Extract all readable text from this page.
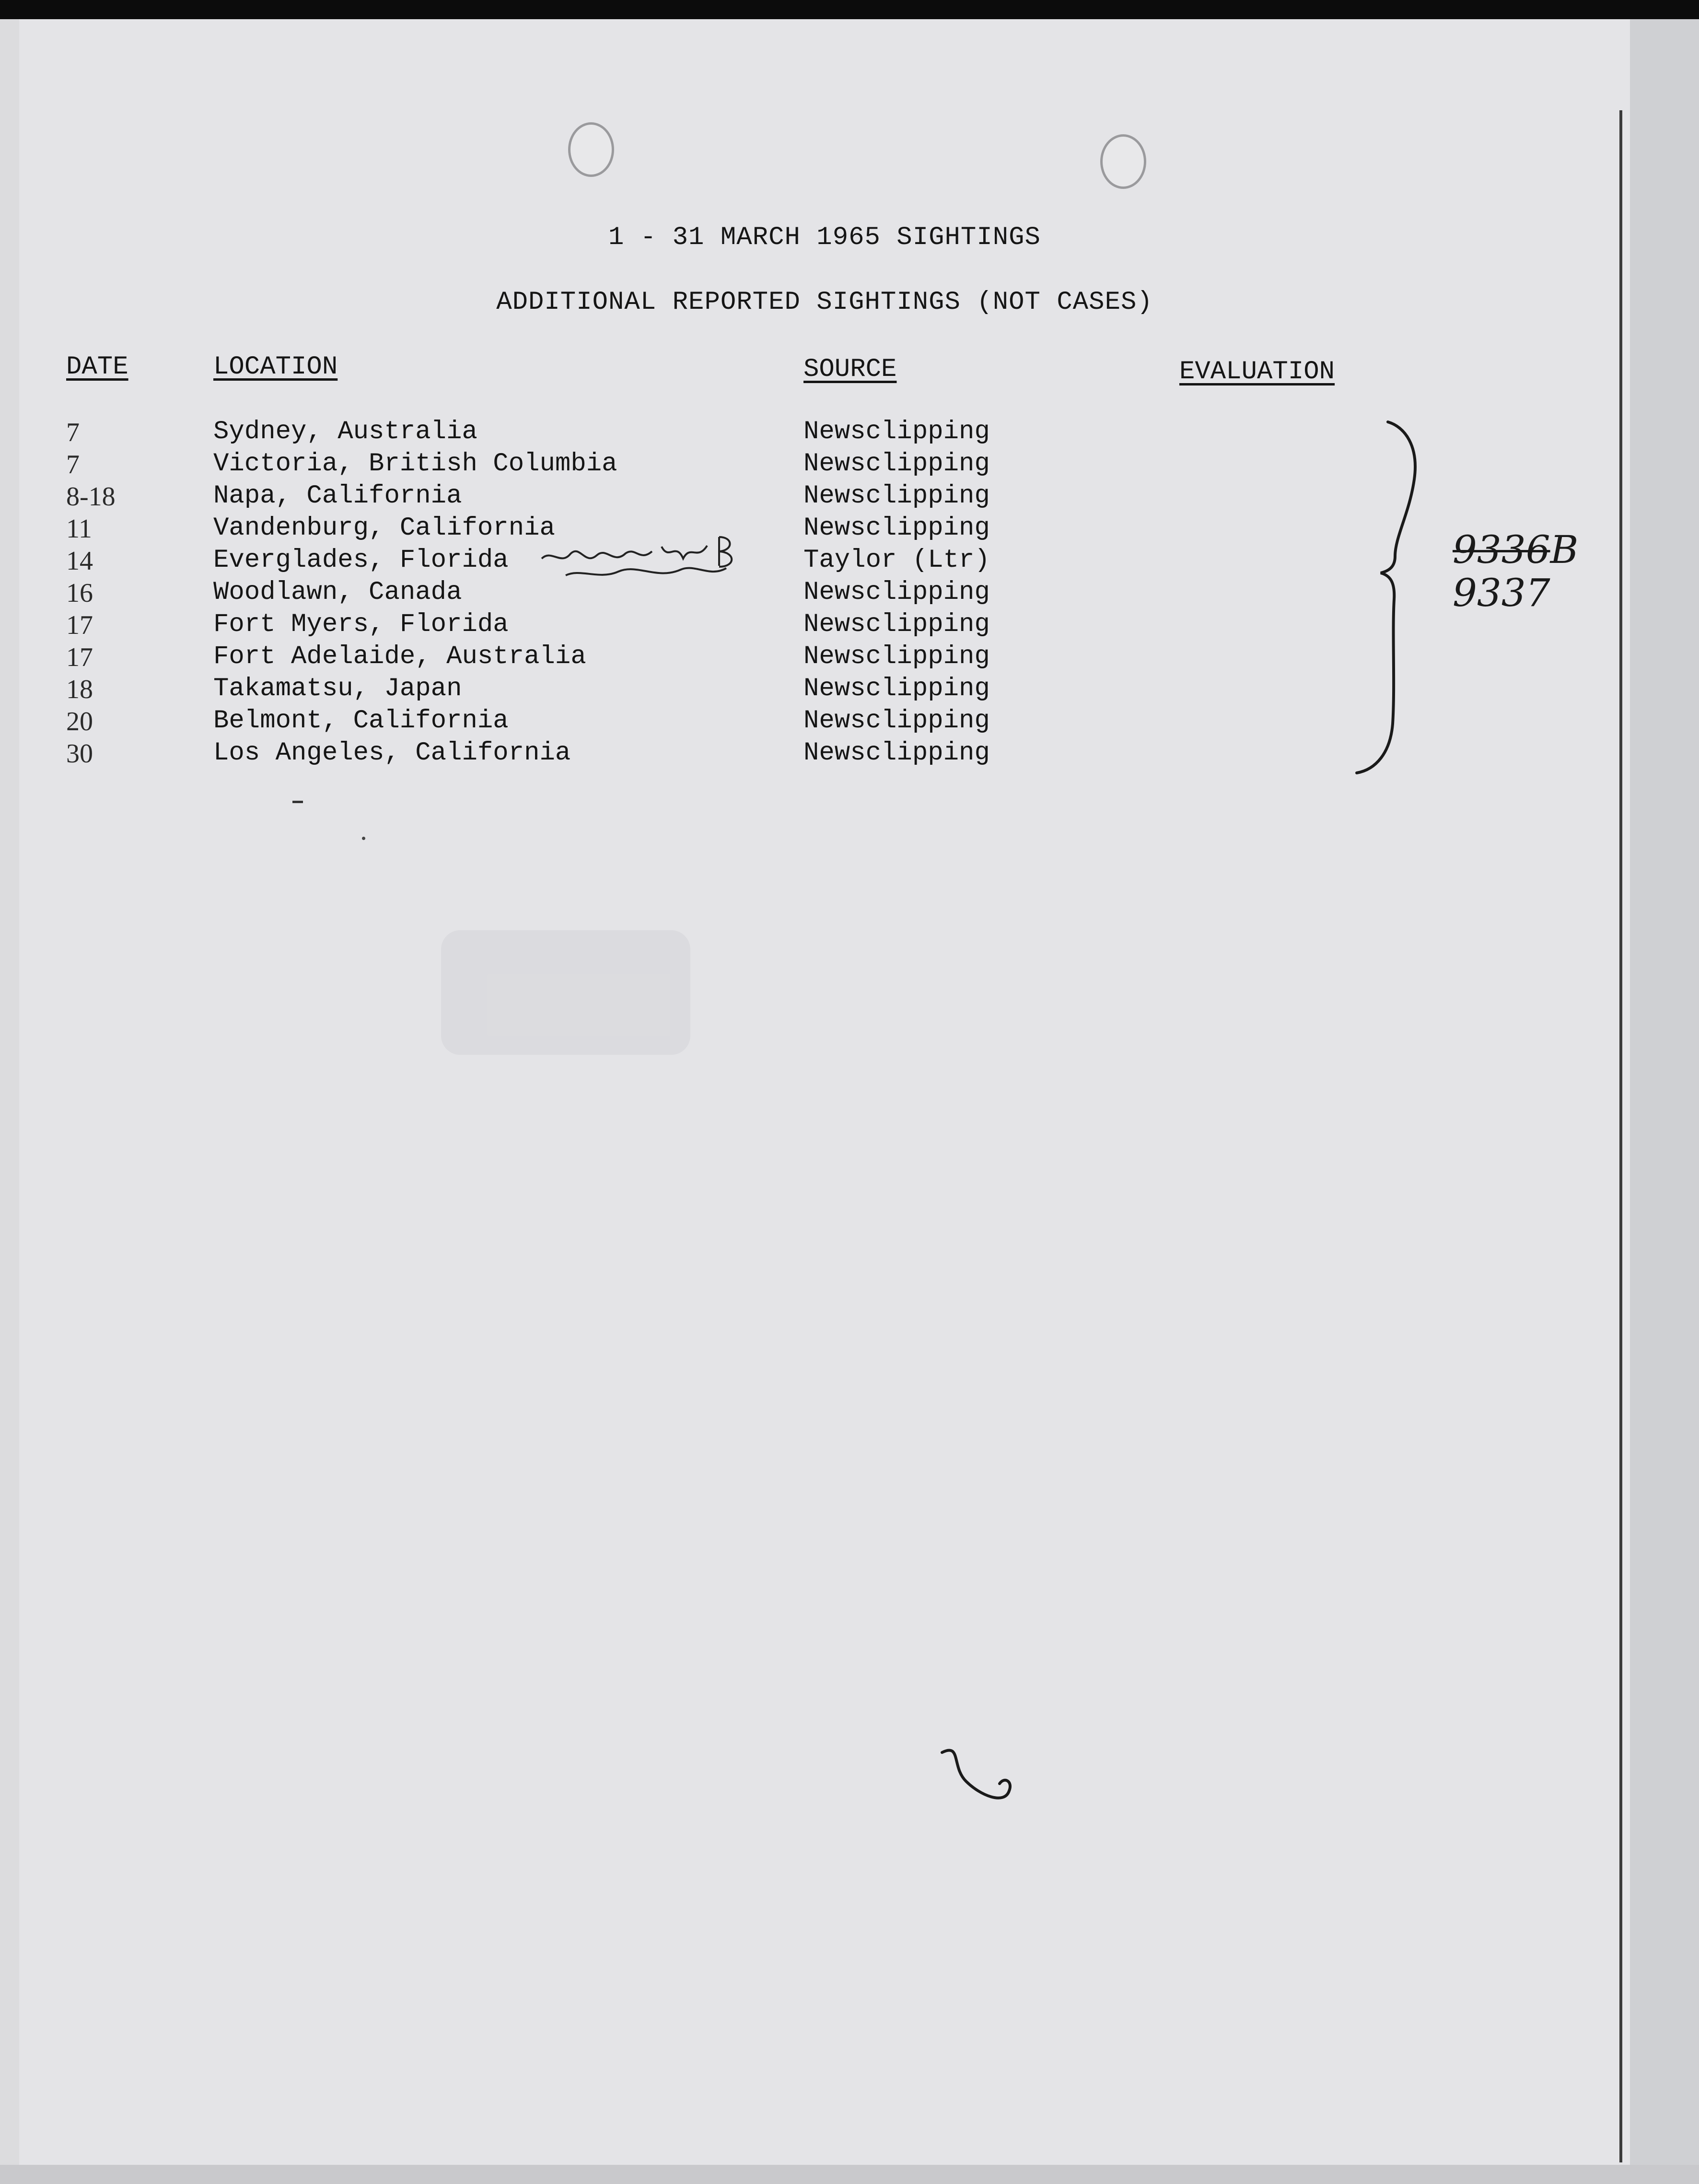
1 - 31 MARCH 1965 SIGHTINGS
ADDITIONAL REPORTED SIGHTINGS (NOT CASES)
DATE	LOCATION	SOURCE	EVALUATION
7	Sydney, Australia	Newsclipping
7	Victoria, British Columbia	Newsclipping
8-18	Napa, California	Newsclipping
11	Vandenburg, California	Newsclipping
14	Everglades, Florida	Taylor (Ltr)
16	Woodlawn, Canada	Newsclipping
17	Fort Myers, Florida	Newsclipping
17	Fort Adelaide, Australia	Newsclipping
18	Takamatsu, Japan	Newsclipping
20	Belmont, California	Newsclipping
30	Los Angeles, California	Newsclipping
9336B
9337
